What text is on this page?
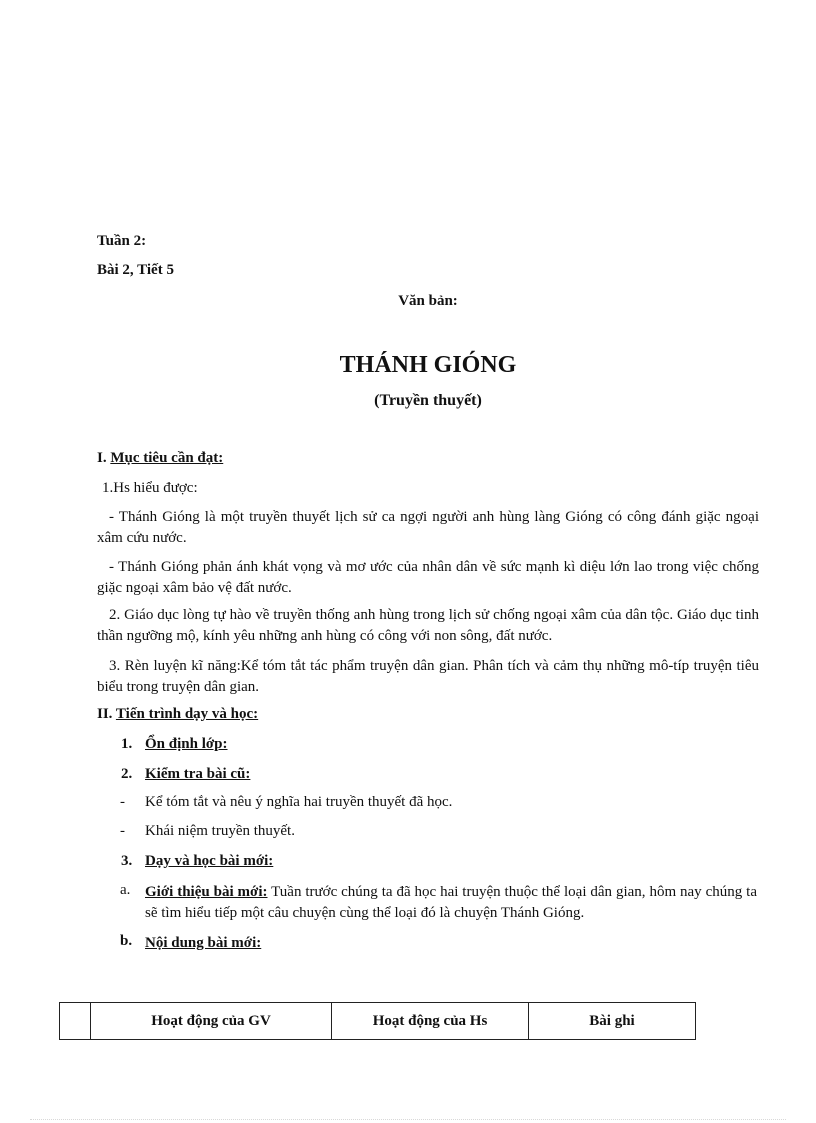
Tuần 2:
Bài 2, Tiết 5
Văn bản:
THÁNH GIÓNG
(Truyền thuyết)
I. Mục tiêu cần đạt:
1.Hs hiểu được:
- Thánh Gióng là một truyền thuyết lịch sử ca ngợi người anh hùng làng Gióng có công đánh giặc ngoại xâm cứu nước.
- Thánh Gióng phản ánh khát vọng và mơ ước của nhân dân về sức mạnh kì diệu lớn lao trong việc chống giặc ngoại xâm bảo vệ đất nước.
2. Giáo dục lòng tự hào về truyền thống anh hùng trong lịch sử chống ngoại xâm của dân tộc. Giáo dục tinh thần ngưỡng mộ, kính yêu những anh hùng có công với non sông, đất nước.
3. Rèn luyện kĩ năng:Kể tóm tắt tác phẩm truyện dân gian. Phân tích và cảm thụ những mô-típ truyện tiêu biểu trong truyện dân gian.
II. Tiến trình dạy và học:
1. Ổn định lớp:
2. Kiểm tra bài cũ:
- Kể tóm tắt và nêu ý nghĩa hai truyền thuyết đã học.
- Khái niệm truyền thuyết.
3. Dạy và học bài mới:
a. Giới thiệu bài mới: Tuần trước chúng ta đã học hai truyện thuộc thể loại dân gian, hôm nay chúng ta sẽ tìm hiểu tiếp một câu chuyện cùng thể loại đó là chuyện Thánh Gióng.
b. Nội dung bài mới:
	Hoạt động của GV	Hoạt động của Hs	Bài ghi
